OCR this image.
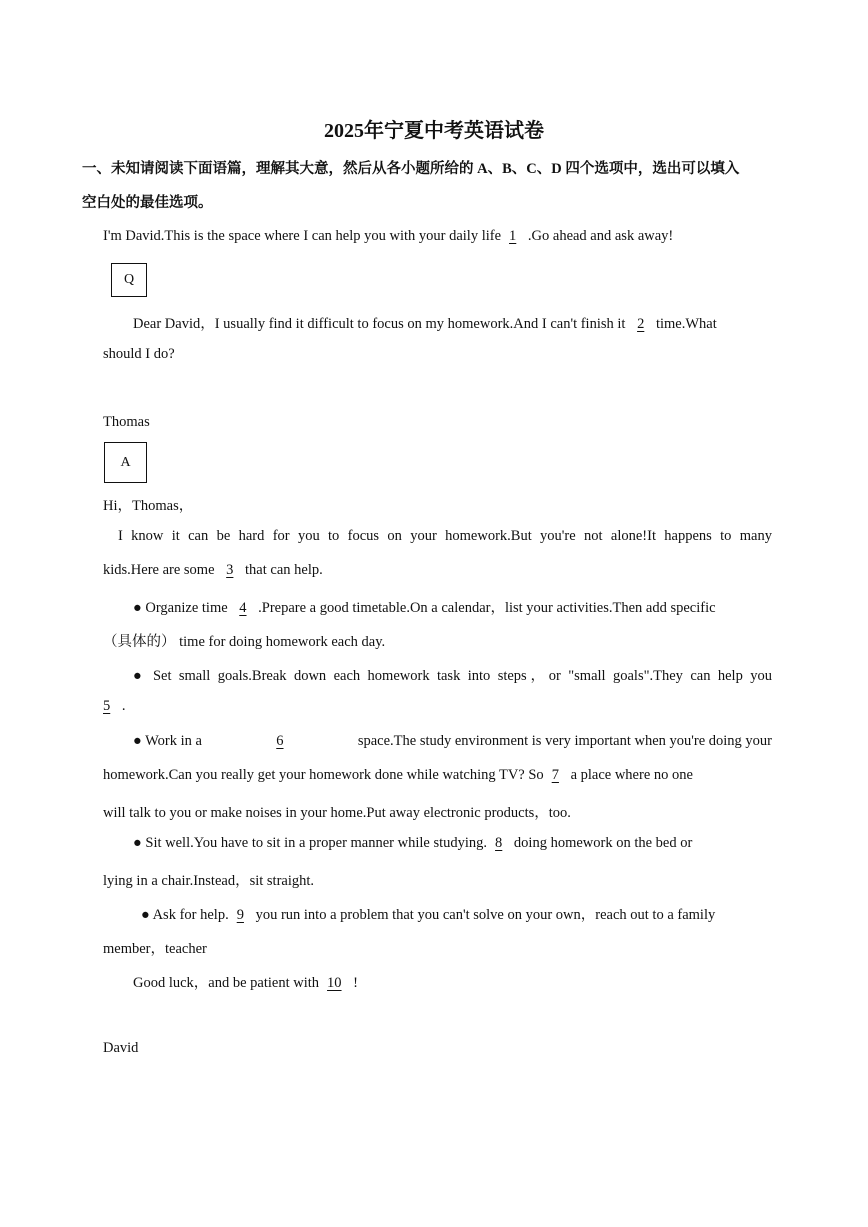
2025年宁夏中考英语试卷
一、未知请阅读下面语篇，理解其大意，然后从各小题所给的 A、B、C、D 四个选项中，选出可以填入
空白处的最佳选项。
I'm David.This is the space where I can help you with your daily life 1 .Go ahead and ask away!
Q
Dear David，I usually find it difficult to focus on my homework.And I can't finish it 2 time.What
should I do?
Thomas
A
Hi，Thomas，
I know it can be hard for you to focus on your homework.But you're not alone!It happens to many
kids.Here are some 3 that can help.
● Organize time 4 .Prepare a good timetable.On a calendar，list your activities.Then add specific
（具体的） time for doing homework each day.
● Set small goals.Break down each homework task into steps，or "small goals".They can help you
5 .
● Work in a	6	space.The study environment is very important when you're doing your
homework.Can you really get your homework done while watching TV? So 7 a place where no one
will talk to you or make noises in your home.Put away electronic products，too.
● Sit well.You have to sit in a proper manner while studying. 8 doing homework on the bed or
lying in a chair.Instead，sit straight.
● Ask for help. 9 you run into a problem that you can't solve on your own，reach out to a family
member，teacher
Good luck，and be patient with 10 !
David
